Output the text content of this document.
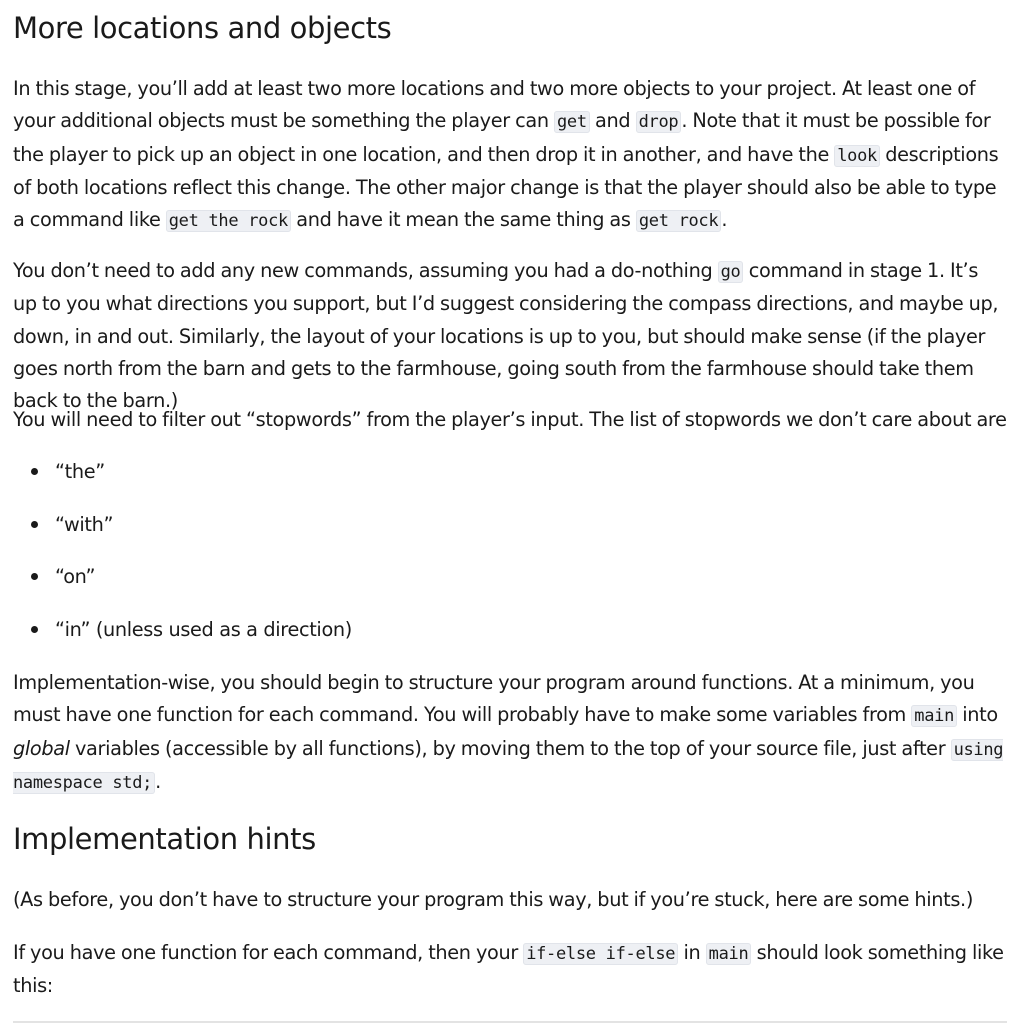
More locations and objects

In this stage, you’ll add at least two more locations and two more objects to your project. At least one of your additional objects must be something the player can get and drop . Note that it must be possible for the player to pick up an object in one location, and then drop it in another, and have the look descriptions of both locations reflect this change. The other major change is that the player should also be able to type a command like get the rock and have it mean the same thing as get rock .

You don’t need to add any new commands, assuming you had a do-nothing go command in stage 1. It’s up to you what directions you support, but I’d suggest considering the compass directions, and maybe up, down, in and out. Similarly, the layout of your locations is up to you, but should make sense (if the player goes north from the barn and gets to the farmhouse, going south from the farmhouse should take them back to the barn.)

You will need to filter out “stopwords” from the player’s input. The list of stopwords we don’t care about are

“the”
“with”
“on”
“in” (unless used as a direction)

Implementation-wise, you should begin to structure your program around functions. At a minimum, you must have one function for each command. You will probably have to make some variables from main into global variables (accessible by all functions), by moving them to the top of your source file, just after using namespace std; .

Implementation hints

(As before, you don’t have to structure your program this way, but if you’re stuck, here are some hints.)

If you have one function for each command, then your if-else if-else in main should look something like this:
